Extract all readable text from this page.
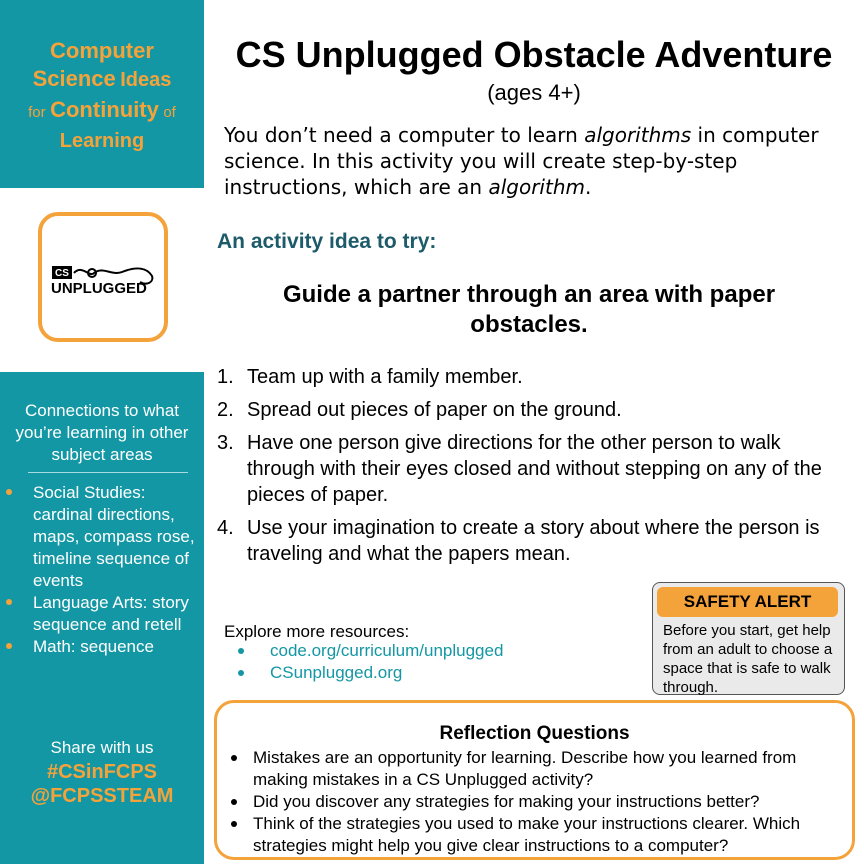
Computer
Science Ideas
for Continuity of
Learning
CS
UNPLUGGED
Connections to what you’re learning in other subject areas
Social Studies: cardinal directions, maps, compass rose, timeline sequence of events
Language Arts: story sequence and retell
Math: sequence
Share with us
#CSinFCPS
@FCPSSTEAM
CS Unplugged Obstacle Adventure
(ages 4+)
You don’t need a computer to learn algorithms in computer science. In this activity you will create step-by-step instructions, which are an algorithm.
An activity idea to try:
Guide a partner through an area with paper obstacles.
1. Team up with a family member.
2. Spread out pieces of paper on the ground.
3. Have one person give directions for the other person to walk through with their eyes closed and without stepping on any of the pieces of paper.
4. Use your imagination to create a story about where the person is traveling and what the papers mean.
Explore more resources:
code.org/curriculum/unplugged
CSunplugged.org
SAFETY ALERT
Before you start, get help from an adult to choose a space that is safe to walk through.
Reflection Questions
Mistakes are an opportunity for learning. Describe how you learned from making mistakes in a CS Unplugged activity?
Did you discover any strategies for making your instructions better?
Think of the strategies you used to make your instructions clearer. Which strategies might help you give clear instructions to a computer?
